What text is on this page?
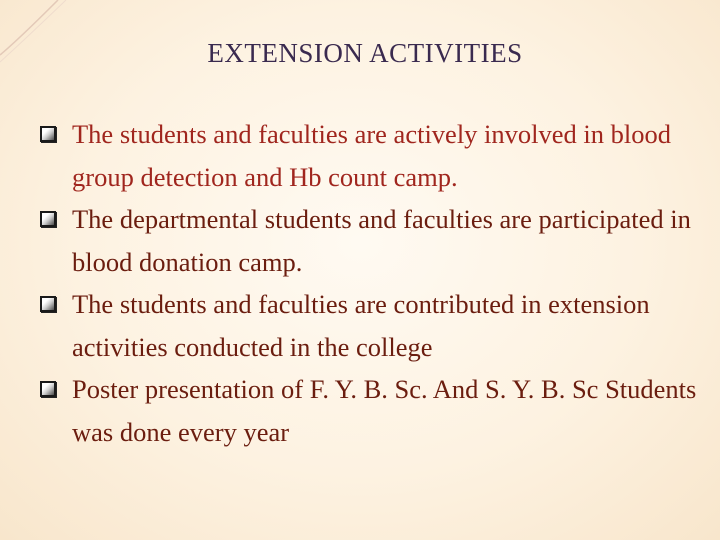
EXTENSION ACTIVITIES
The students and faculties are actively involved in blood group detection and Hb count camp.
The departmental students and faculties are participated in blood donation camp.
The students and faculties are contributed in extension activities conducted in the college
Poster presentation of F. Y. B. Sc. And S. Y. B. Sc Students was done every year
